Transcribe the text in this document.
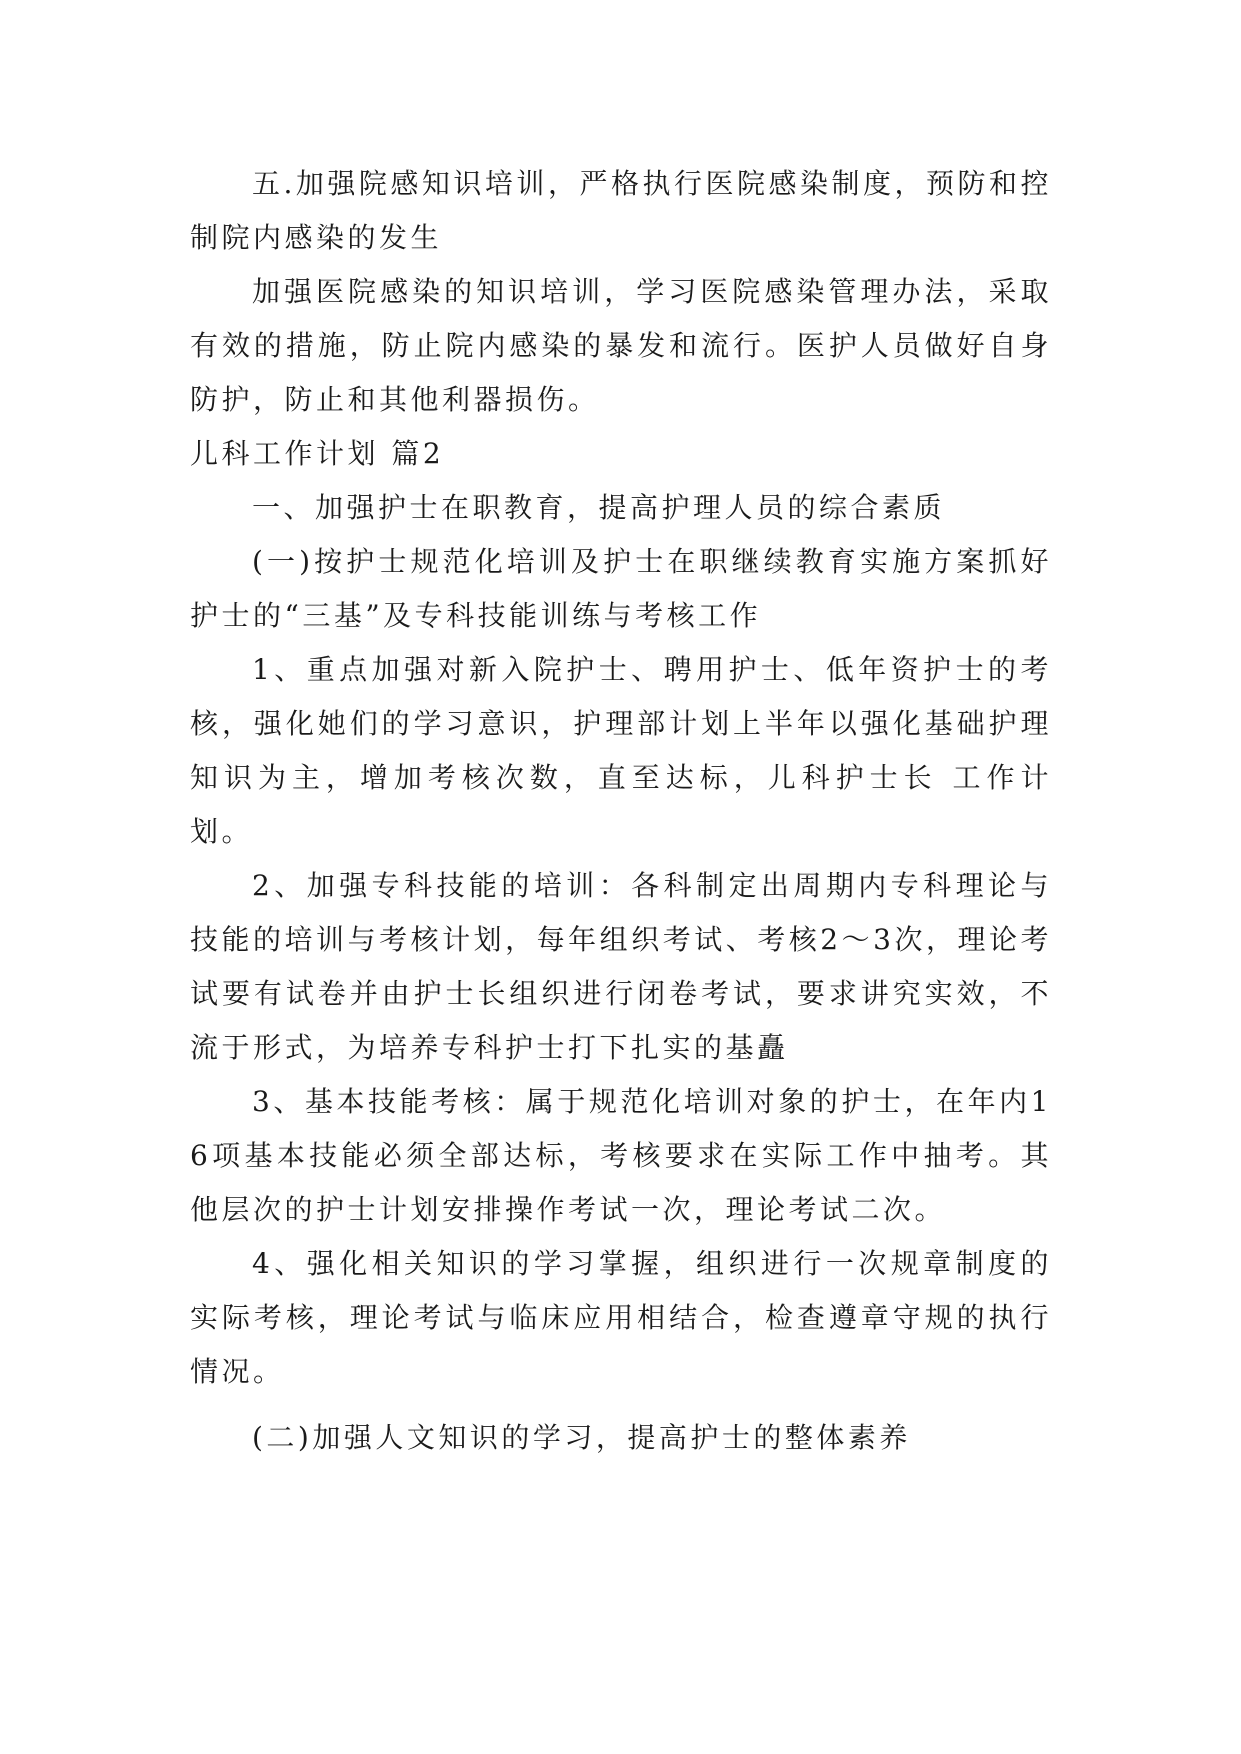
五.加强院感知识培训，严格执行医院感染制度，预防和控制院内感染的发生

加强医院感染的知识培训，学习医院感染管理办法，采取有效的措施，防止院内感染的暴发和流行。医护人员做好自身防护，防止和其他利器损伤。

儿科工作计划 篇2

一、加强护士在职教育，提高护理人员的综合素质

(一)按护士规范化培训及护士在职继续教育实施方案抓好护士的“三基”及专科技能训练与考核工作

1、重点加强对新入院护士、聘用护士、低年资护士的考核，强化她们的学习意识，护理部计划上半年以强化基础护理知识为主，增加考核次数，直至达标，儿科护士长 工作计划。

2、加强专科技能的培训：各科制定出周期内专科理论与技能的培训与考核计划，每年组织考试、考核2～3次，理论考试要有试卷并由护士长组织进行闭卷考试，要求讲究实效，不流于形式，为培养专科护士打下扎实的基矗

3、基本技能考核：属于规范化培训对象的护士，在年内16项基本技能必须全部达标，考核要求在实际工作中抽考。其他层次的护士计划安排操作考试一次，理论考试二次。

4、强化相关知识的学习掌握，组织进行一次规章制度的实际考核，理论考试与临床应用相结合，检查遵章守规的执行情况。

(二)加强人文知识的学习，提高护士的整体素养
